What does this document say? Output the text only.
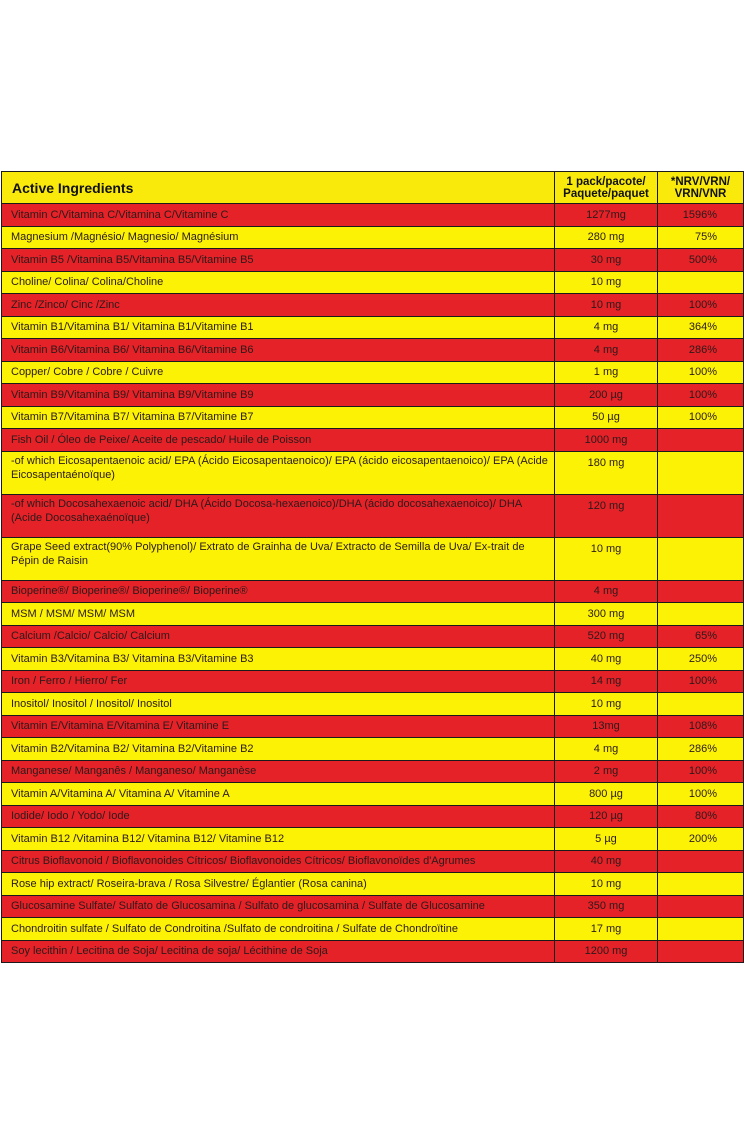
Active Ingredients	1 pack/pacote/ Paquete/paquet	*NRV/VRN/ VRN/VNR
Vitamin C/Vitamina C/Vitamina C/Vitamine C	1277mg	1596%
Magnesium /Magnésio/ Magnesio/ Magnésium	280 mg	75%
Vitamin B5 /Vitamina B5/Vitamina B5/Vitamine B5	30 mg	500%
Choline/ Colina/ Colina/Choline	10 mg	
Zinc /Zinco/ Cinc /Zinc	10 mg	100%
Vitamin B1/Vitamina B1/ Vitamina B1/Vitamine B1	4 mg	364%
Vitamin B6/Vitamina B6/ Vitamina B6/Vitamine B6	4 mg	286%
Copper/ Cobre / Cobre / Cuivre	1 mg	100%
Vitamin B9/Vitamina B9/ Vitamina B9/Vitamine B9	200 µg	100%
Vitamin B7/Vitamina B7/ Vitamina B7/Vitamine B7	50 µg	100%
Fish Oil / Óleo de Peixe/ Aceite de pescado/ Huile de Poisson	1000 mg	
-of which Eicosapentaenoic acid/ EPA (Ácido Eicosapentaenoico)/ EPA (ácido eicosapentaenoico)/ EPA (Acide Eicosapentaénoïque)	180 mg	
-of which Docosahexaenoic acid/ DHA (Ácido Docosa-hexaenoico)/DHA (ácido docosahexaenoico)/ DHA (Acide Docosahexaénoïque)	120 mg	
Grape Seed extract(90% Polyphenol)/ Extrato de Grainha de Uva/ Extracto de Semilla de Uva/ Ex-trait de Pépin de Raisin	10 mg	
Bioperine®/ Bioperine®/ Bioperine®/ Bioperine®	4 mg	
MSM / MSM/ MSM/ MSM	300 mg	
Calcium /Calcio/ Calcio/ Calcium	520 mg	65%
Vitamin B3/Vitamina B3/ Vitamina B3/Vitamine B3	40 mg	250%
Iron / Ferro / Hierro/ Fer	14 mg	100%
Inositol/ Inositol / Inositol/ Inositol	10 mg	
Vitamin E/Vitamina E/Vitamina E/ Vitamine E	13mg	108%
Vitamin B2/Vitamina B2/ Vitamina B2/Vitamine B2	4 mg	286%
Manganese/ Manganês / Manganeso/ Manganèse	2 mg	100%
Vitamin A/Vitamina A/ Vitamina A/ Vitamine A	800 µg	100%
Iodide/ Iodo / Yodo/ Iode	120 µg	80%
Vitamin B12 /Vitamina B12/ Vitamina B12/ Vitamine B12	5 µg	200%
Citrus Bioflavonoid / Bioflavonoides Cítricos/ Bioflavonoides Cítricos/ Bioflavonoïdes d'Agrumes	40 mg	
Rose hip extract/ Roseira-brava / Rosa Silvestre/ Églantier (Rosa canina)	10 mg	
Glucosamine Sulfate/ Sulfato de Glucosamina / Sulfato de glucosamina / Sulfate de Glucosamine	350 mg	
Chondroitin sulfate / Sulfato de Condroitina /Sulfato de condroitina / Sulfate de Chondroïtine	17 mg	
Soy lecithin / Lecitina de Soja/ Lecitina de soja/ Lécithine de Soja	1200 mg	
